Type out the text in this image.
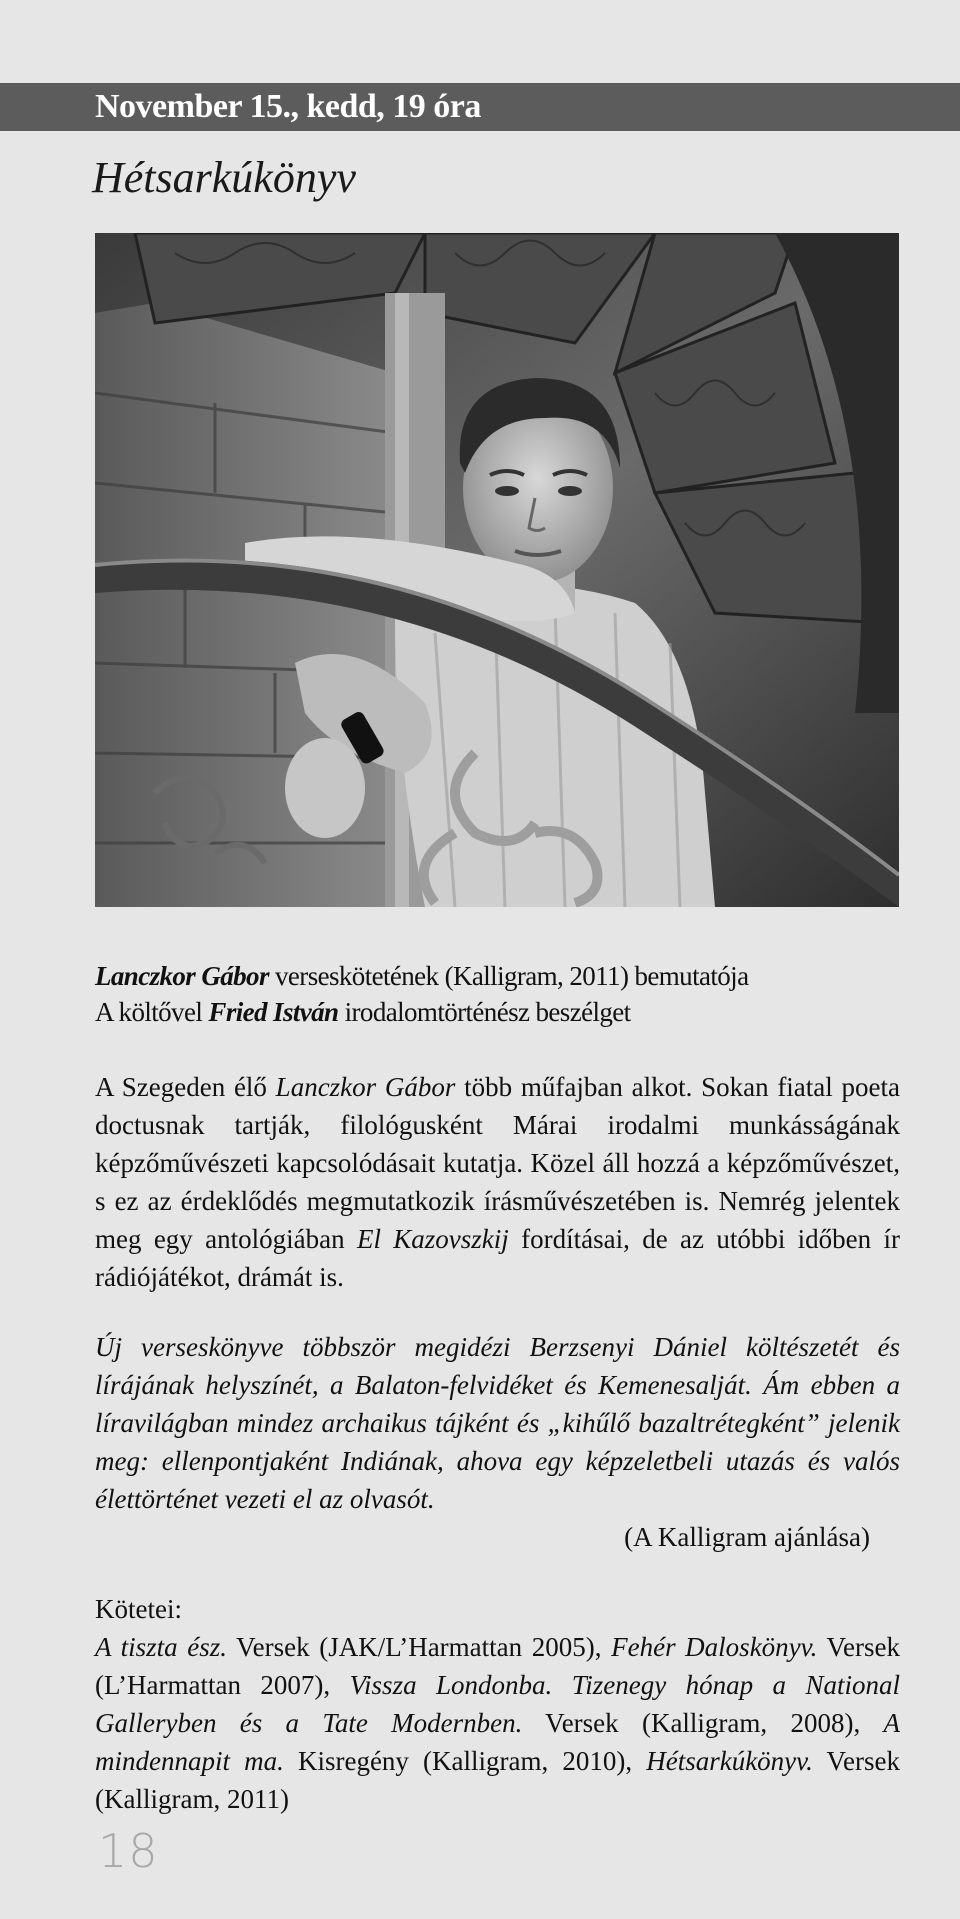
November 15., kedd, 19 óra
Hétsarkúkönyv
Lanczkor Gábor verseskötetének (Kalligram, 2011) bemutatója
A költővel Fried István irodalomtörténész beszélget
A Szegeden élő Lanczkor Gábor több műfajban alkot. Sokan fiatal poeta doctusnak tartják, filológusként Márai irodalmi munkásságának képzőművészeti kapcsolódásait kutatja. Közel áll hozzá a képzőművészet, s ez az érdeklődés megmutatkozik írásművészetében is. Nemrég jelentek meg egy antológiában El Kazovszkij fordításai, de az utóbbi időben ír rádiójátékot, drámát is.
Új verseskönyve többször megidézi Berzsenyi Dániel költészetét és lírájának helyszínét, a Balaton-felvidéket és Kemenesalját. Ám ebben a líravilágban mindez archaikus tájként és „kihűlő bazaltrétegként” jelenik meg: ellenpontjaként Indiának, ahova egy képzeletbeli utazás és valós élettörténet vezeti el az olvasót.
(A Kalligram ajánlása)
Kötetei:
A tiszta ész. Versek (JAK/L’Harmattan 2005), Fehér Daloskönyv. Versek (L’Harmattan 2007), Vissza Londonba. Tizenegy hónap a National Galleryben és a Tate Modernben. Versek (Kalligram, 2008), A mindennapit ma. Kisregény (Kalligram, 2010), Hétsarkúkönyv. Versek (Kalligram, 2011)
18
